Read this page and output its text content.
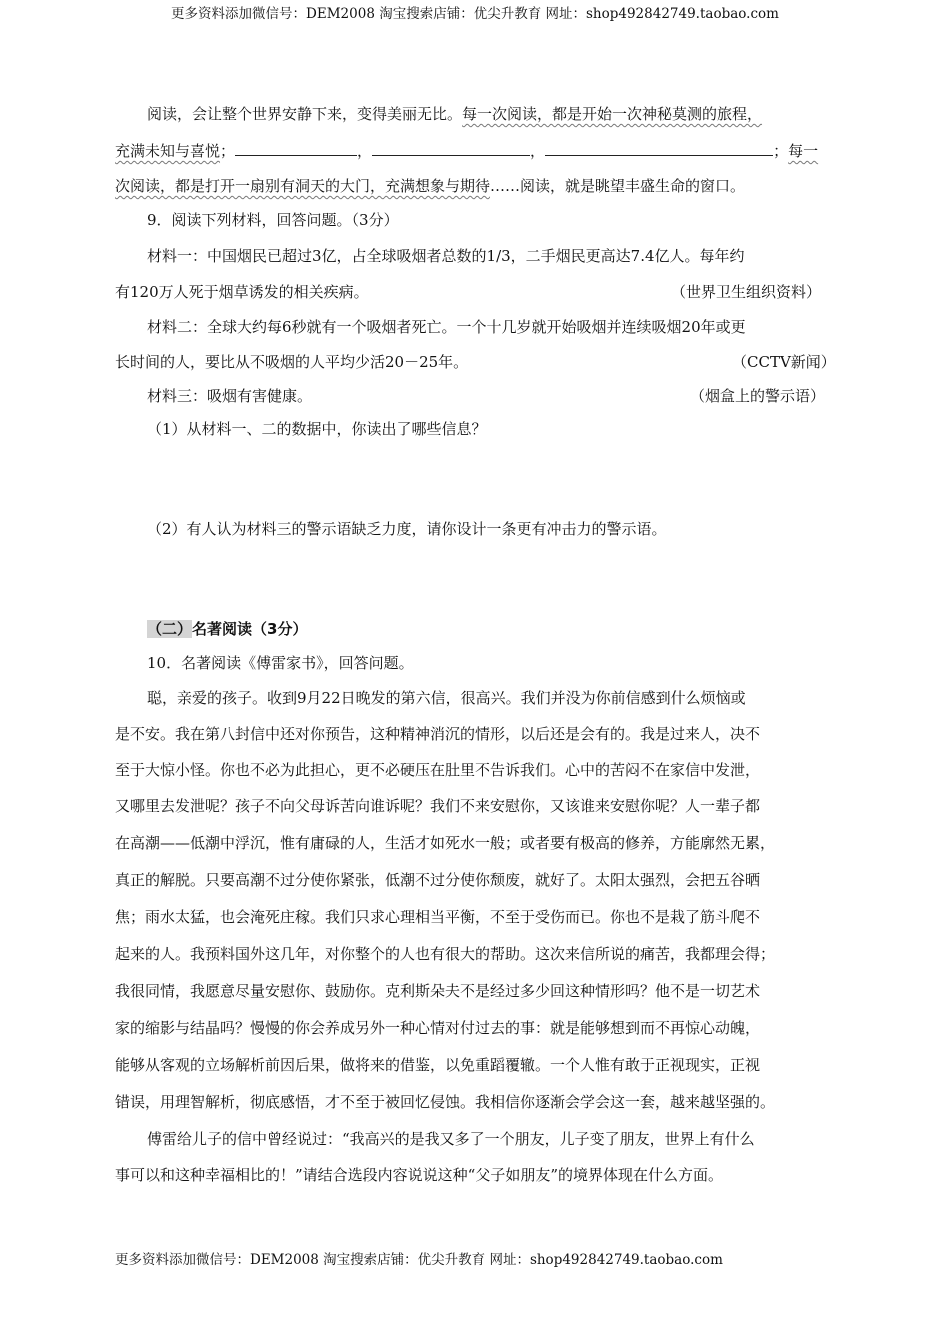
更多资料添加微信号：DEM2008 淘宝搜索店铺：优尖升教育 网址：shop492842749.taobao.com
阅读，会让整个世界安静下来，变得美丽无比。每一次阅读，都是开始一次神秘莫测的旅程，
充满未知与喜悦；	，	，	；每一
次阅读，都是打开一扇别有洞天的大门，充满想象与期待……阅读，就是眺望丰盛生命的窗口。
9．阅读下列材料，回答问题。（3分）
材料一：中国烟民已超过3亿，占全球吸烟者总数的1/3，二手烟民更高达7.4亿人。每年约
有120万人死于烟草诱发的相关疾病。	（世界卫生组织资料）
材料二：全球大约每6秒就有一个吸烟者死亡。一个十几岁就开始吸烟并连续吸烟20年或更
长时间的人，要比从不吸烟的人平均少活20－25年。	（CCTV新闻）
材料三：吸烟有害健康。	（烟盒上的警示语）
（1）从材料一、二的数据中，你读出了哪些信息？
（2）有人认为材料三的警示语缺乏力度，请你设计一条更有冲击力的警示语。
（二）名著阅读（3分）
10．名著阅读《傅雷家书》，回答问题。
聪，亲爱的孩子。收到9月22日晚发的第六信，很高兴。我们并没为你前信感到什么烦恼或
是不安。我在第八封信中还对你预告，这种精神消沉的情形，以后还是会有的。我是过来人，决不
至于大惊小怪。你也不必为此担心，更不必硬压在肚里不告诉我们。心中的苦闷不在家信中发泄，
又哪里去发泄呢？孩子不向父母诉苦向谁诉呢？我们不来安慰你，又该谁来安慰你呢？人一辈子都
在高潮——低潮中浮沉，惟有庸碌的人，生活才如死水一般；或者要有极高的修养，方能廓然无累，
真正的解脱。只要高潮不过分使你紧张，低潮不过分使你颓废，就好了。太阳太强烈，会把五谷晒
焦；雨水太猛，也会淹死庄稼。我们只求心理相当平衡，不至于受伤而已。你也不是栽了筋斗爬不
起来的人。我预料国外这几年，对你整个的人也有很大的帮助。这次来信所说的痛苦，我都理会得；
我很同情，我愿意尽量安慰你、鼓励你。克利斯朵夫不是经过多少回这种情形吗？他不是一切艺术
家的缩影与结晶吗？慢慢的你会养成另外一种心情对付过去的事：就是能够想到而不再惊心动魄，
能够从客观的立场解析前因后果，做将来的借鉴，以免重蹈覆辙。一个人惟有敢于正视现实，正视
错误，用理智解析，彻底感悟，才不至于被回忆侵蚀。我相信你逐渐会学会这一套，越来越坚强的。
傅雷给儿子的信中曾经说过：“我高兴的是我又多了一个朋友，儿子变了朋友，世界上有什么
事可以和这种幸福相比的！”请结合选段内容说说这种“父子如朋友”的境界体现在什么方面。
更多资料添加微信号：DEM2008 淘宝搜索店铺：优尖升教育 网址：shop492842749.taobao.com
